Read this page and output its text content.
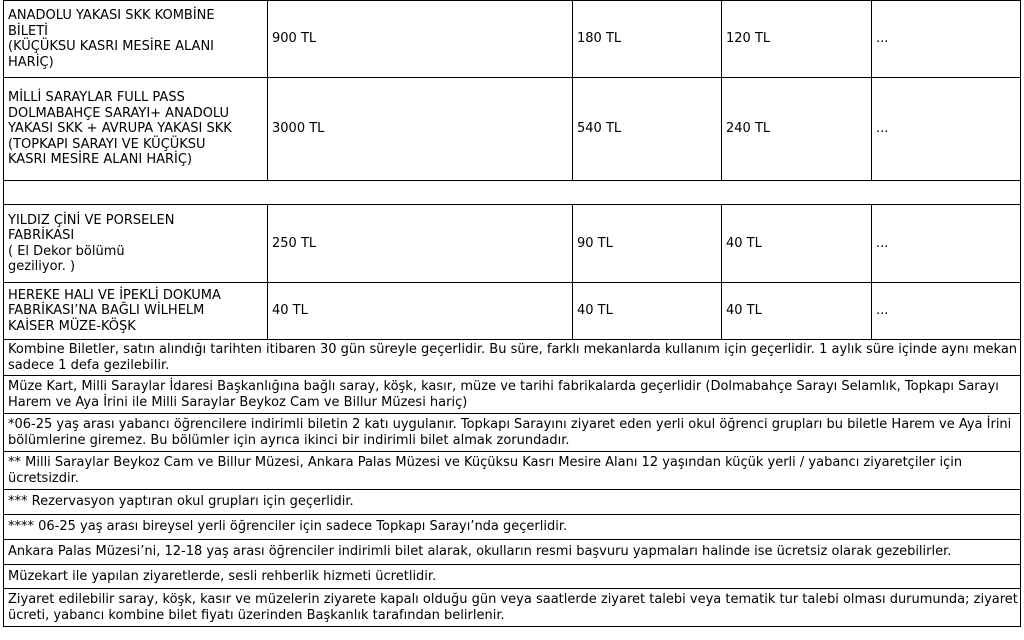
ANADOLU YAKASI SKK KOMBİNE
BİLETİ
(KÜÇÜKSU KASRI MESİRE ALANI
HARİÇ)	900 TL	180 TL	120 TL	...
MİLLİ SARAYLAR FULL PASS
DOLMABAHÇE SARAYI+ ANADOLU
YAKASI SKK + AVRUPA YAKASI SKK
(TOPKAPI SARAYI VE KÜÇÜKSU
KASRI MESİRE ALANI HARİÇ)	3000 TL	540 TL	240 TL	...

YILDIZ ÇİNİ VE PORSELEN
FABRİKASI
( El Dekor bölümü
geziliyor. )	250 TL	90 TL	40 TL	...
HEREKE HALI VE İPEKLİ DOKUMA
FABRİKASI’NA BAĞLI WİLHELM
KAİSER MÜZE-KÖŞK	40 TL	40 TL	40 TL	...
Kombine Biletler, satın alındığı tarihten itibaren 30 gün süreyle geçerlidir. Bu süre, farklı mekanlarda kullanım için geçerlidir. 1 aylık süre içinde aynı mekan sadece 1 defa gezilebilir.				
Müze Kart, Milli Saraylar İdaresi Başkanlığına bağlı saray, köşk, kasır, müze ve tarihi fabrikalarda geçerlidir (Dolmabahçe Sarayı Selamlık, Topkapı Sarayı Harem ve Aya İrini ile Milli Saraylar Beykoz Cam ve Billur Müzesi hariç)				
*06-25 yaş arası yabancı öğrencilere indirimli biletin 2 katı uygulanır. Topkapı Sarayını ziyaret eden yerli okul öğrenci grupları bu biletle Harem ve Aya İrini bölümlerine giremez. Bu bölümler için ayrıca ikinci bir indirimli bilet almak zorundadır.				
** Milli Saraylar Beykoz Cam ve Billur Müzesi, Ankara Palas Müzesi ve Küçüksu Kasrı Mesire Alanı 12 yaşından küçük yerli / yabancı ziyaretçiler için ücretsizdir.				
*** Rezervasyon yaptıran okul grupları için geçerlidir.				
**** 06-25 yaş arası bireysel yerli öğrenciler için sadece Topkapı Sarayı’nda geçerlidir.				
Ankara Palas Müzesi’ni, 12-18 yaş arası öğrenciler indirimli bilet alarak, okulların resmi başvuru yapmaları halinde ise ücretsiz olarak gezebilirler.				
Müzekart ile yapılan ziyaretlerde, sesli rehberlik hizmeti ücretlidir.				
Ziyaret edilebilir saray, köşk, kasır ve müzelerin ziyarete kapalı olduğu gün veya saatlerde ziyaret talebi veya tematik tur talebi olması durumunda; ziyaret ücreti, yabancı kombine bilet fiyatı üzerinden Başkanlık tarafından belirlenir.				
